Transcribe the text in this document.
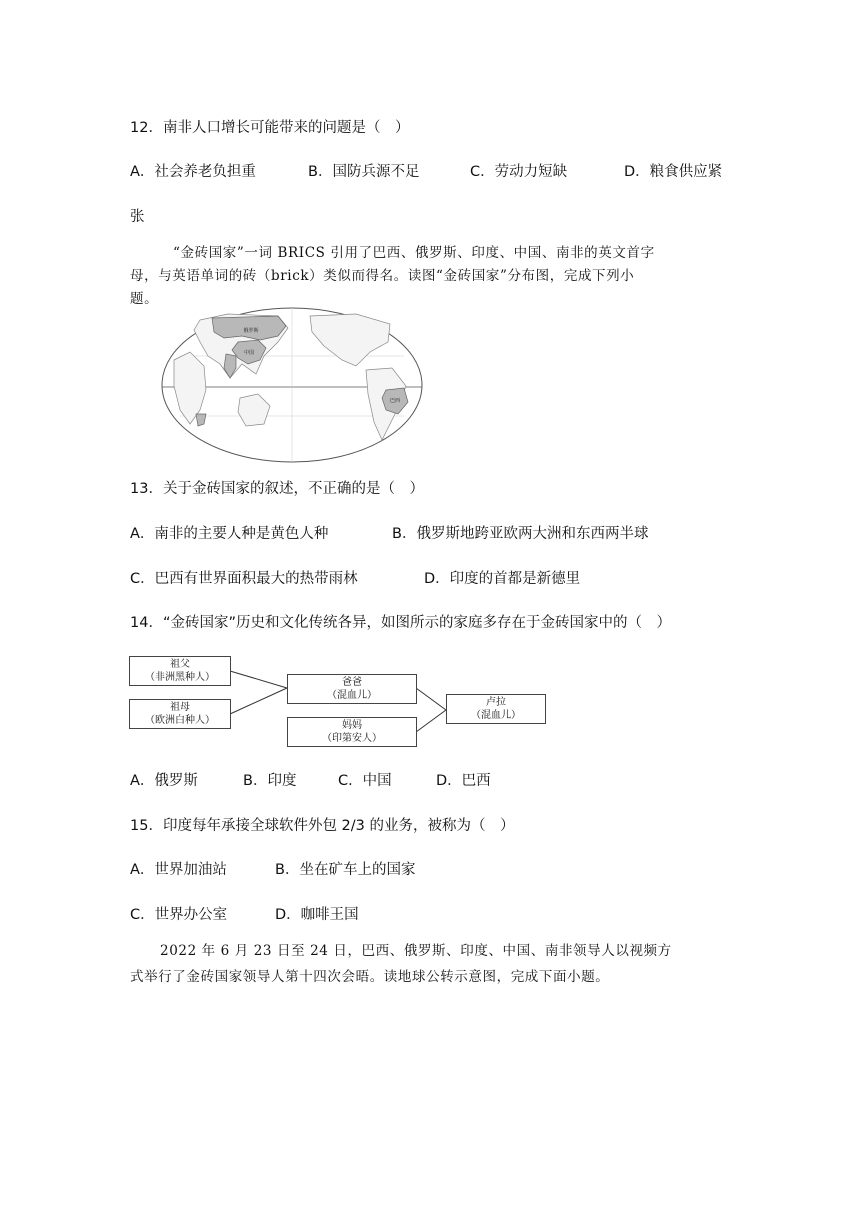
12．南非人口增长可能带来的问题是（　）
A．社会养老负担重	B．国防兵源不足	C．劳动力短缺	D．粮食供应紧
张
“金砖国家”一词 BRICS 引用了巴西、俄罗斯、印度、中国、南非的英文首字
母，与英语单词的砖（brick）类似而得名。读图“金砖国家”分布图，完成下列小
题。
俄罗斯
中国
巴西
13．关于金砖国家的叙述，不正确的是（　）
A．南非的主要人种是黄色人种	B．俄罗斯地跨亚欧两大洲和东西两半球
C．巴西有世界面积最大的热带雨林	D．印度的首都是新德里
14．“金砖国家”历史和文化传统各异，如图所示的家庭多存在于金砖国家中的（　）
祖父
（非洲黑种人）
祖母
（欧洲白种人）
爸爸
（混血儿）
妈妈
（印第安人）
卢拉
（混血儿）
A．俄罗斯	B．印度	C．中国	D．巴西
15．印度每年承接全球软件外包 2/3 的业务，被称为（　）
A．世界加油站	B．坐在矿车上的国家
C．世界办公室	D．咖啡王国
2022 年 6 月 23 日至 24 日，巴西、俄罗斯、印度、中国、南非领导人以视频方
式举行了金砖国家领导人第十四次会晤。读地球公转示意图，完成下面小题。
